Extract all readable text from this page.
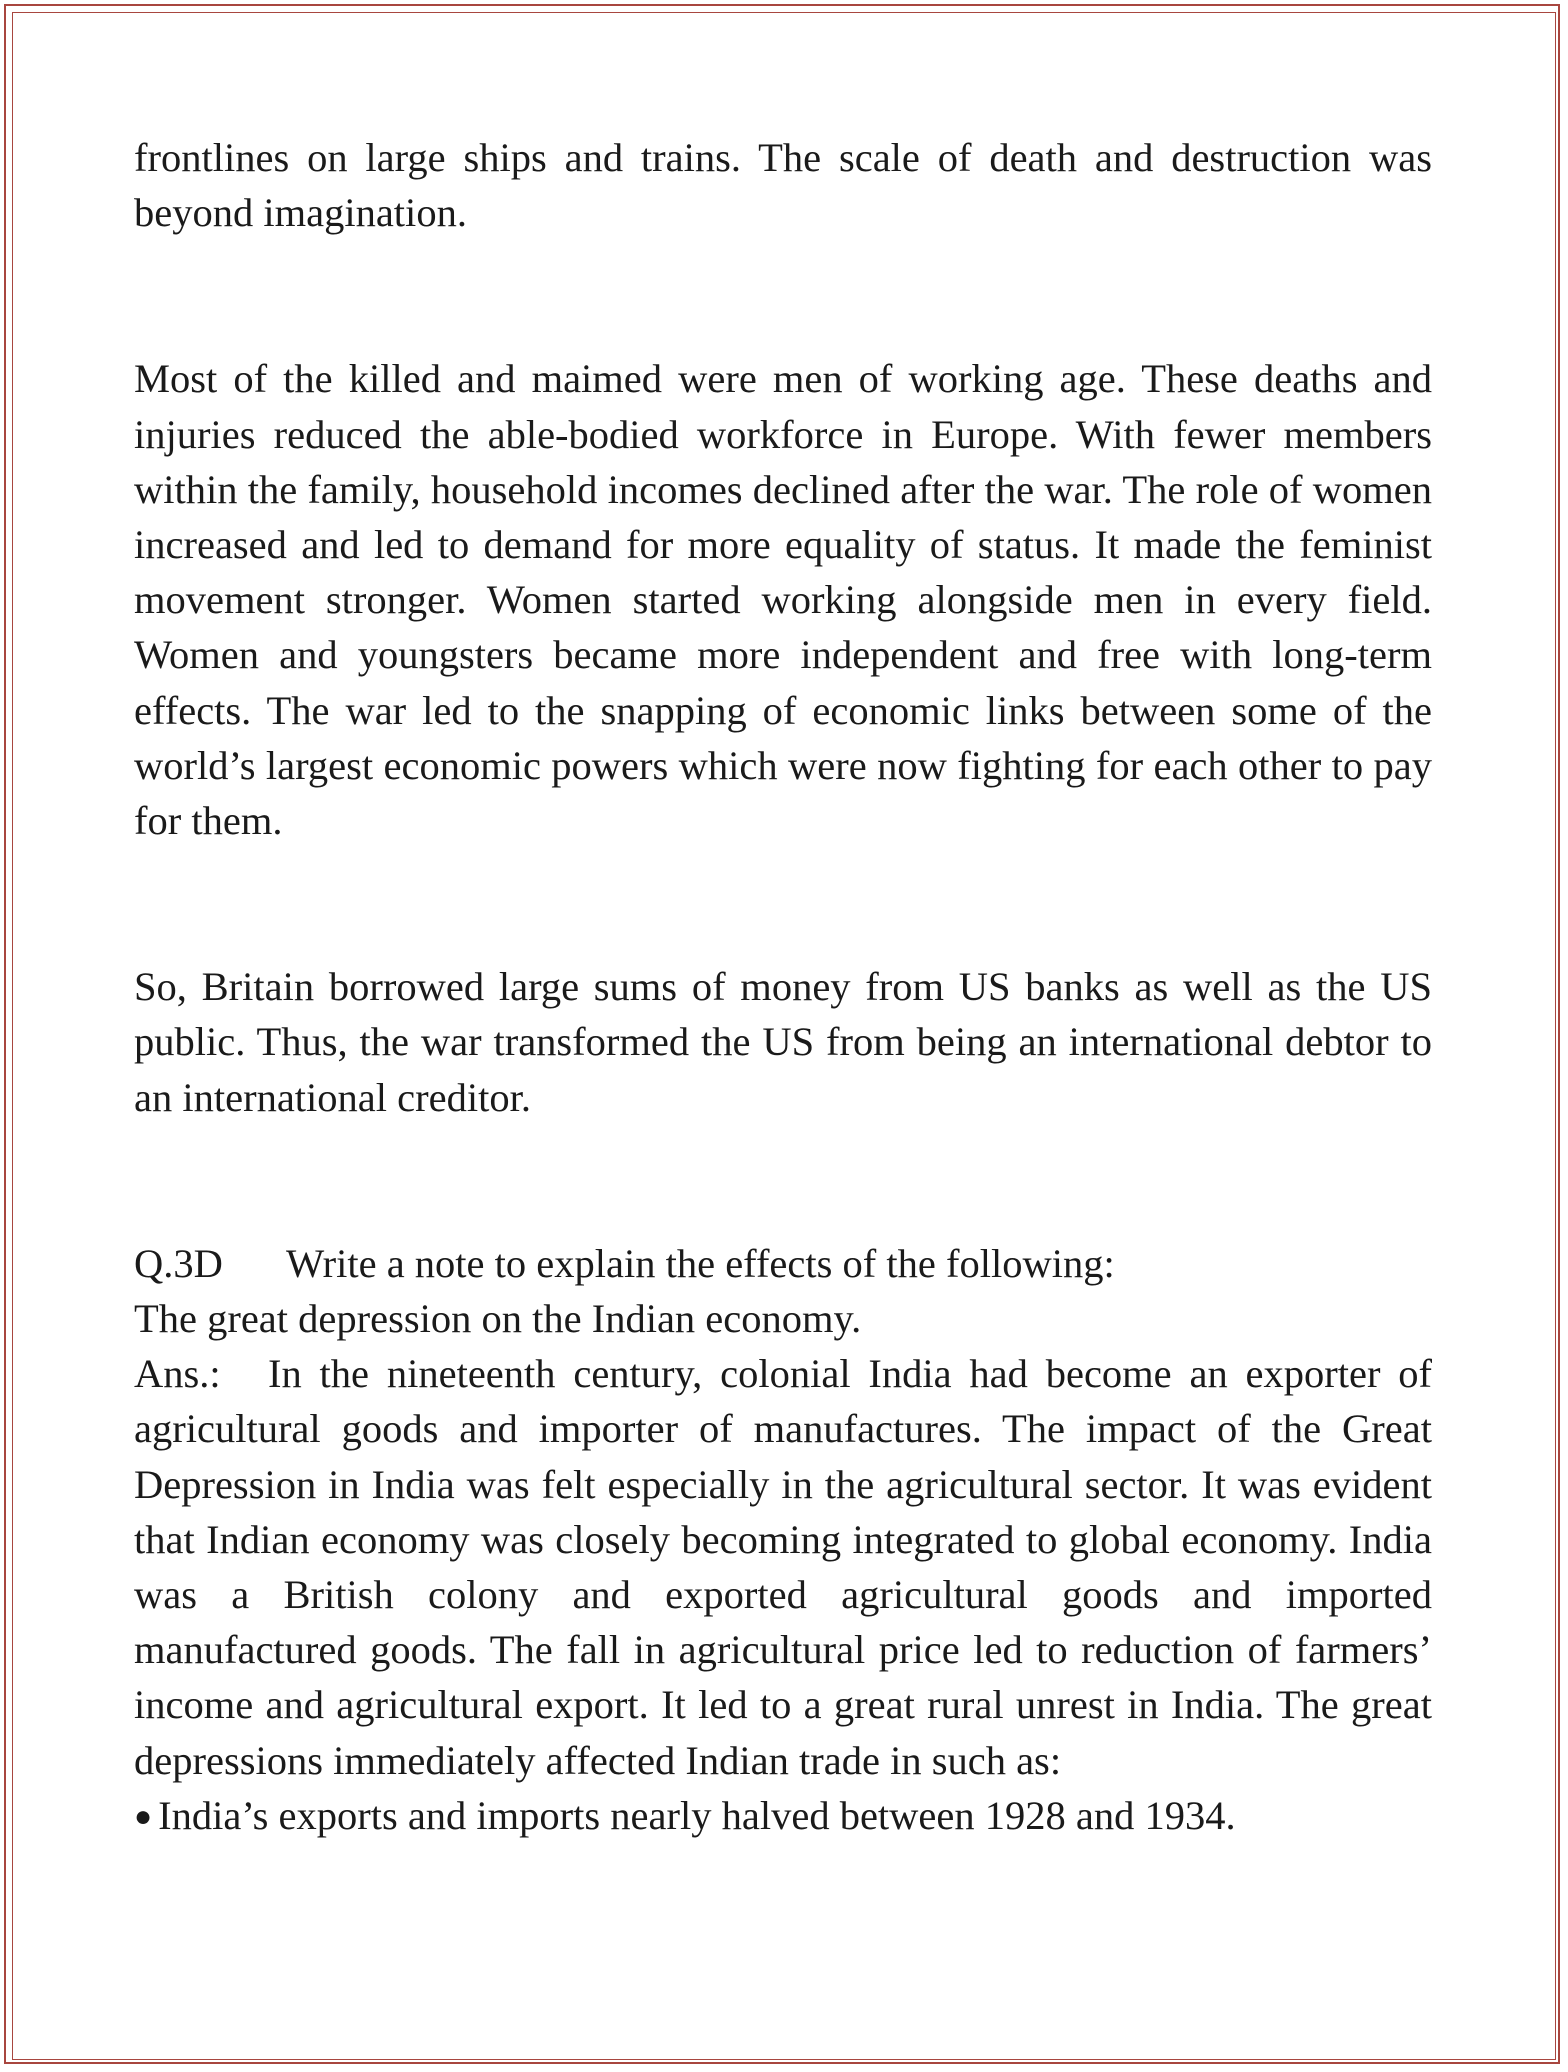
frontlines on large ships and trains. The scale of death and destruction was beyond imagination.

Most of the killed and maimed were men of working age. These deaths and injuries reduced the able-bodied workforce in Europe. With fewer members within the family, household incomes declined after the war. The role of women increased and led to demand for more equality of status. It made the feminist movement stronger. Women started working alongside men in every field. Women and youngsters became more independent and free with long-term effects. The war led to the snapping of economic links between some of the world’s largest economic powers which were now fighting for each other to pay for them.

So, Britain borrowed large sums of money from US banks as well as the US public. Thus, the war transformed the US from being an international debtor to an international creditor.

Q.3D Write a note to explain the effects of the following:

The great depression on the Indian economy.

Ans.: In the nineteenth century, colonial India had become an exporter of agricultural goods and importer of manufactures. The impact of the Great Depression in India was felt especially in the agricultural sector. It was evident that Indian economy was closely becoming integrated to global economy. India was a British colony and exported agricultural goods and imported manufactured goods. The fall in agricultural price led to reduction of farmers’ income and agricultural export. It led to a great rural unrest in India. The great depressions immediately affected Indian trade in such as:

● India’s exports and imports nearly halved between 1928 and 1934.
